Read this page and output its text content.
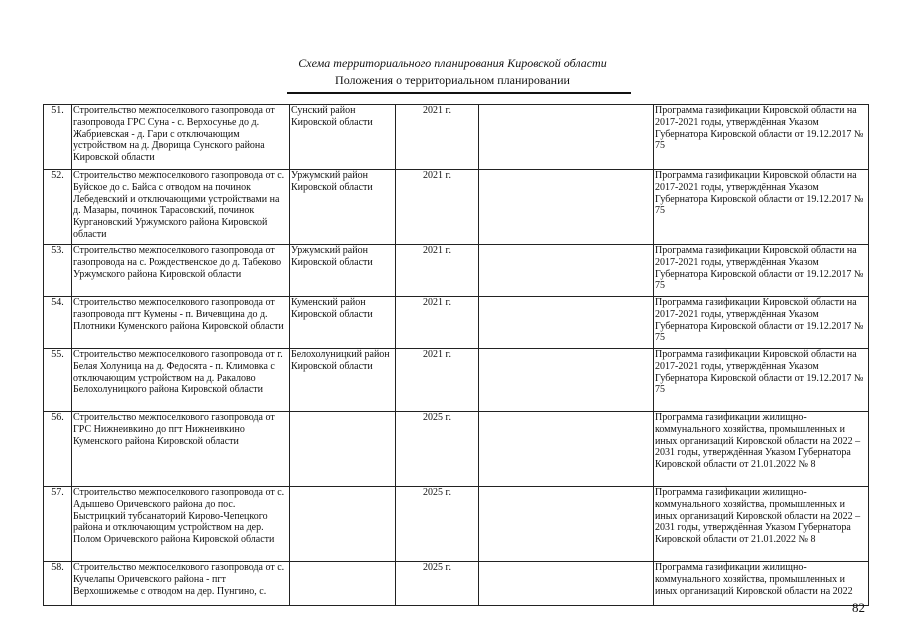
Схема территориального планирования Кировской области
Положения о территориальном планировании
51.	Строительство межпоселкового газопровода от газопровода ГРС Суна - с. Верхосунье до д. Жабриевская - д. Гари с отключающим устройством на д. Дворища Сунского района Кировской области	Сунский район Кировской области	2021 г.		Программа газификации Кировской области на 2017-2021 годы, утверждённая Указом Губернатора Кировской области от 19.12.2017 № 75
52.	Строительство межпоселкового газопровода от с. Буйское до с. Байса с отводом на починок Лебедевский и отключающими устройствами на д. Мазары, починок Тарасовский, починок Кургановский Уржумского района Кировской области	Уржумский район Кировской области	2021 г.		Программа газификации Кировской области на 2017-2021 годы, утверждённая Указом Губернатора Кировской области от 19.12.2017 № 75
53.	Строительство межпоселкового газопровода от газопровода на с. Рождественское до д. Табеково Уржумского района Кировской области	Уржумский район Кировской области	2021 г.		Программа газификации Кировской области на 2017-2021 годы, утверждённая Указом Губернатора Кировской области от 19.12.2017 № 75
54.	Строительство межпоселкового газопровода от газопровода пгт Кумены - п. Вичевщина до д. Плотники Куменского района Кировской области	Куменский район Кировской области	2021 г.		Программа газификации Кировской области на 2017-2021 годы, утверждённая Указом Губернатора Кировской области от 19.12.2017 № 75
55.	Строительство межпоселкового газопровода от г. Белая Холуница на д. Федосята - п. Климовка с отключающим устройством на д. Ракалово Белохолуницкого района Кировской области	Белохолуницкий район Кировской области	2021 г.		Программа газификации Кировской области на 2017-2021 годы, утверждённая Указом Губернатора Кировской области от 19.12.2017 № 75
56.	Строительство межпоселкового газопровода от ГРС Нижнеивкино до пгт Нижнеивкино Куменского района Кировской области		2025 г.		Программа газификации жилищно-коммунального хозяйства, промышленных и иных организаций Кировской области на 2022 – 2031 годы, утверждённая Указом Губернатора Кировской области от 21.01.2022 № 8
57.	Строительство межпоселкового газопровода от с. Адышево Оричевского района до пос. Быстрицкий тубсанаторий Кирово-Чепецкого района и отключающим устройством на дер. Полом Оричевского района Кировской области		2025 г.		Программа газификации жилищно-коммунального хозяйства, промышленных и иных организаций Кировской области на 2022 – 2031 годы, утверждённая Указом Губернатора Кировской области от 21.01.2022 № 8
58.	Строительство межпоселкового газопровода от с. Кучелапы Оричевского района - пгт Верхошижемье с отводом на дер. Пунгино, с.		2025 г.		Программа газификации жилищно-коммунального хозяйства, промышленных и иных организаций Кировской области на 2022
82
